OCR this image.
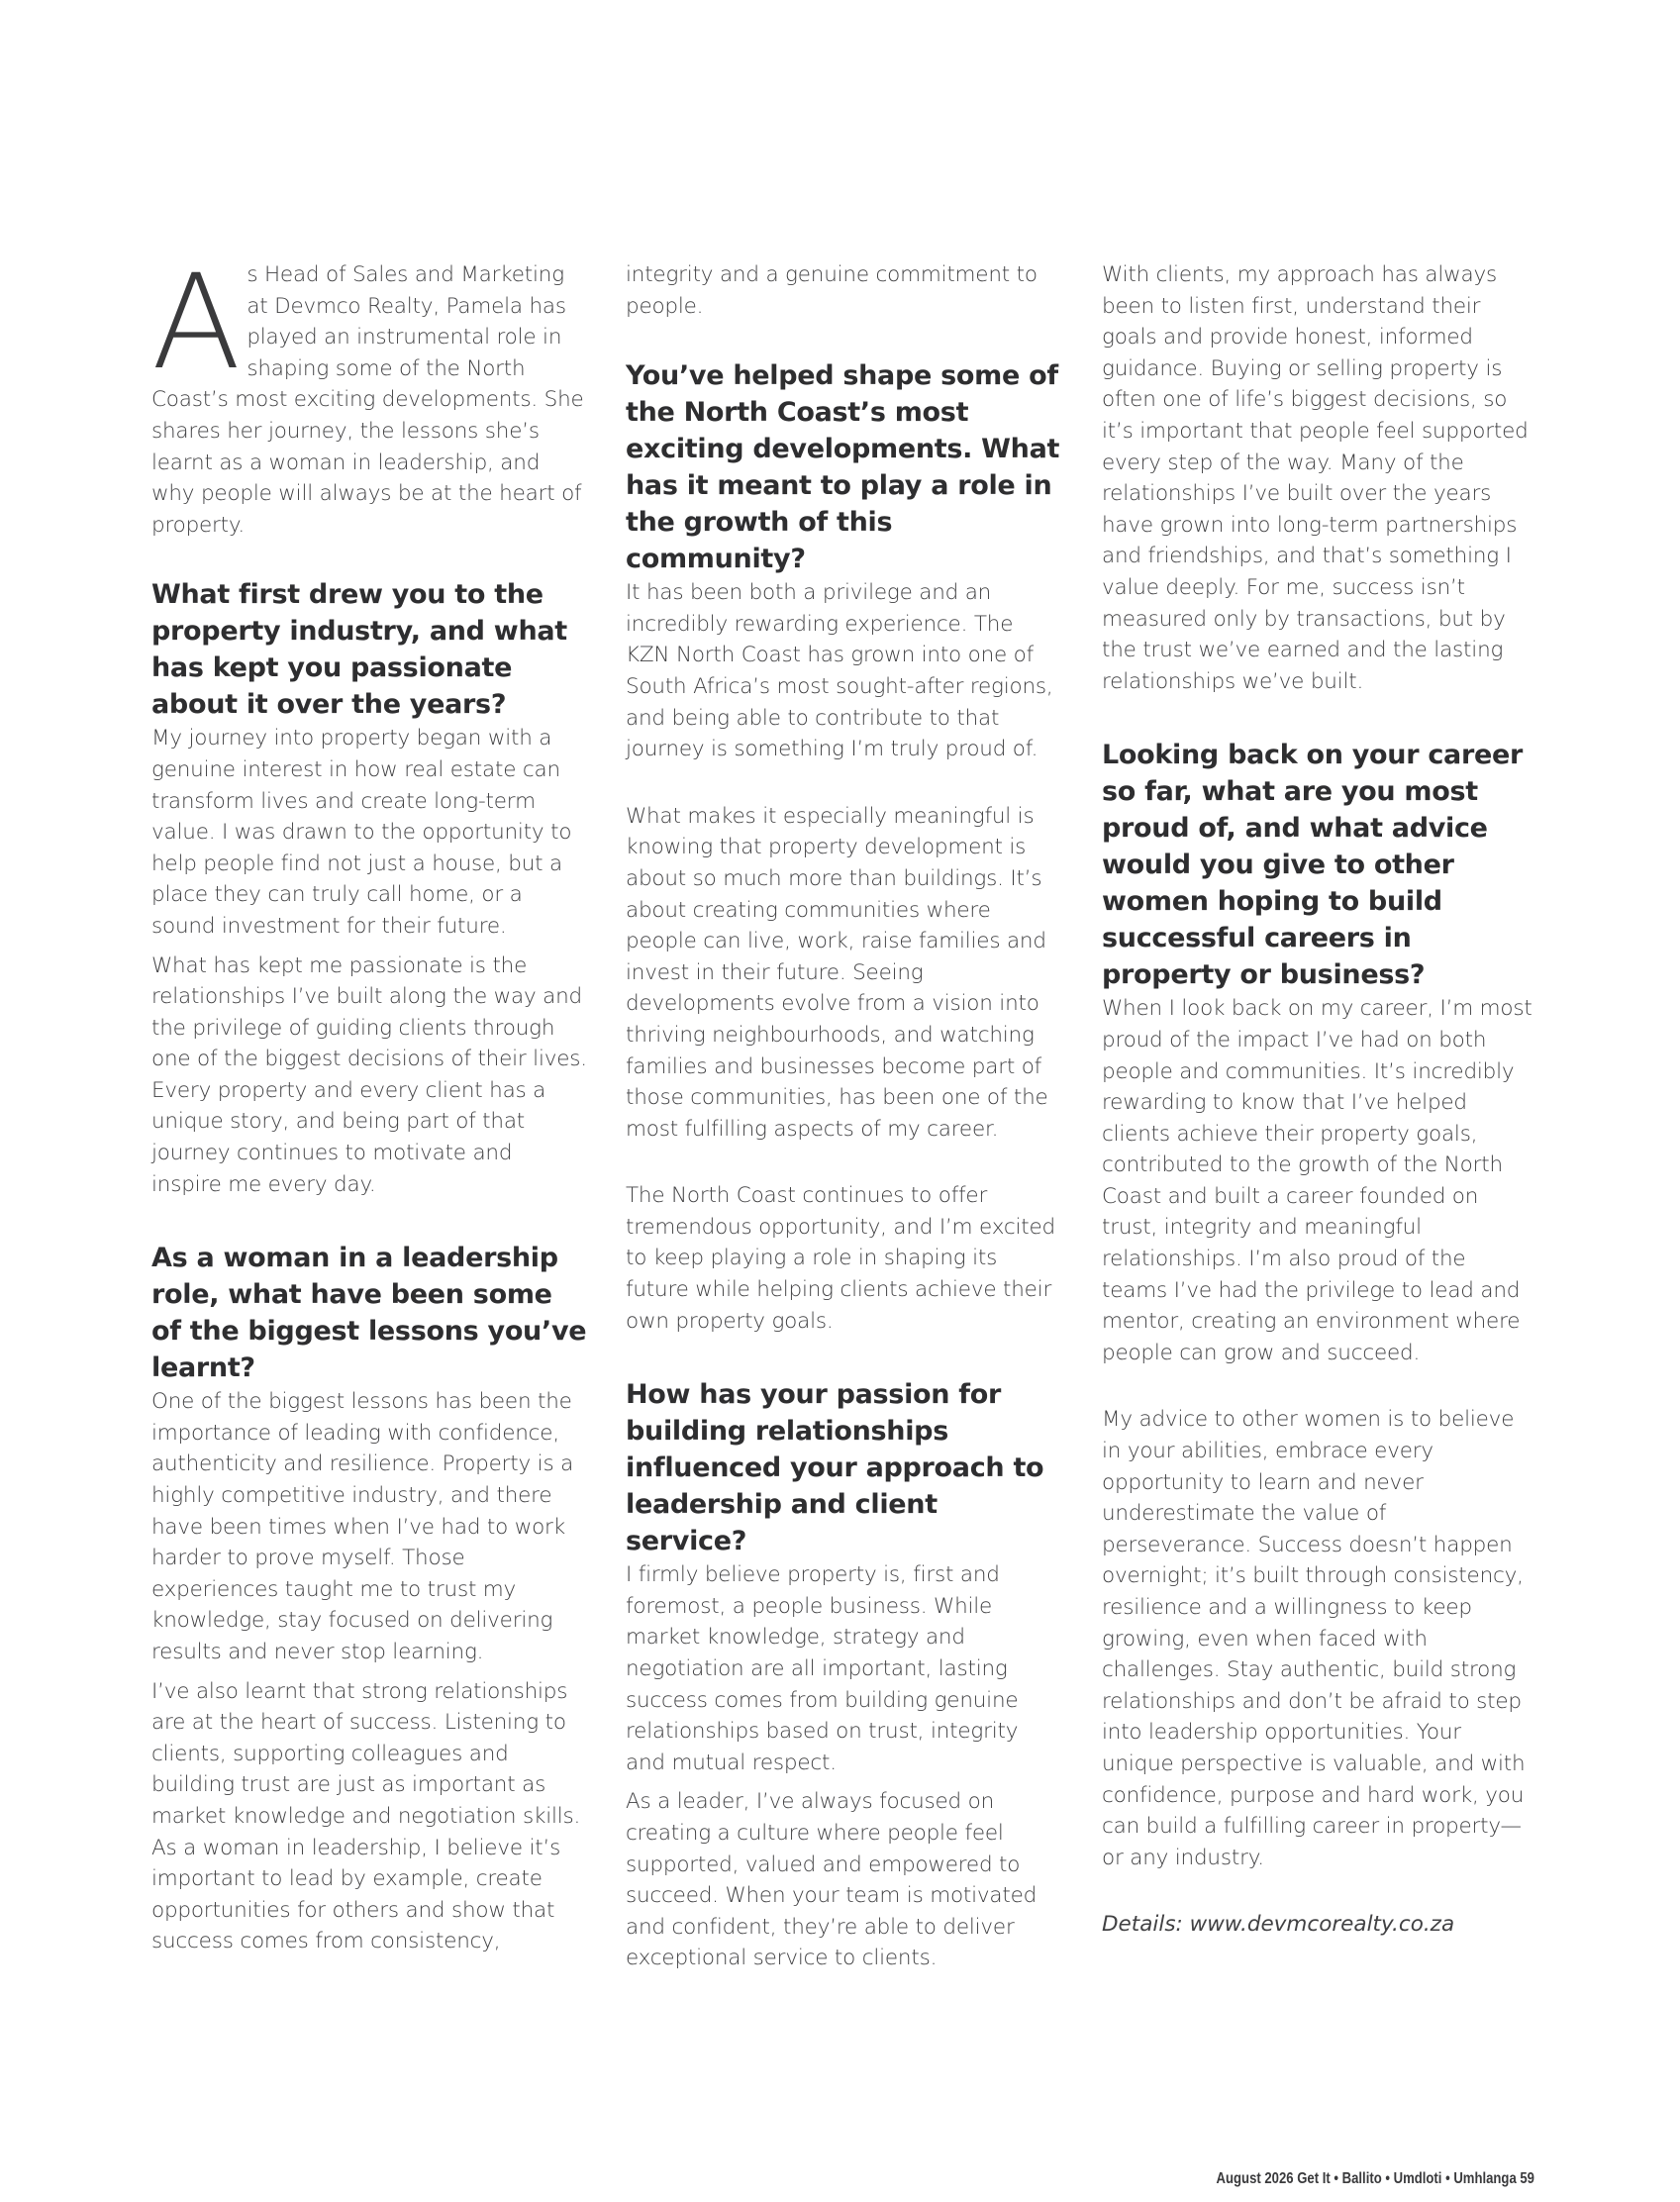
A s Head of Sales and Marketing at Devmco Realty, Pamela has played an instrumental role in shaping some of the North Coast’s most exciting developments. She shares her journey, the lessons she’s learnt as a woman in leadership, and why people will always be at the heart of property.

What first drew you to the property industry, and what has kept you passionate about it over the years?

My journey into property began with a genuine interest in how real estate can transform lives and create long-term value. I was drawn to the opportunity to help people find not just a house, but a place they can truly call home, or a sound investment for their future.

What has kept me passionate is the relationships I’ve built along the way and the privilege of guiding clients through one of the biggest decisions of their lives. Every property and every client has a unique story, and being part of that journey continues to motivate and inspire me every day.

As a woman in a leadership role, what have been some of the biggest lessons you’ve learnt?

One of the biggest lessons has been the importance of leading with confidence, authenticity and resilience. Property is a highly competitive industry, and there have been times when I’ve had to work harder to prove myself. Those experiences taught me to trust my knowledge, stay focused on delivering results and never stop learning.

I’ve also learnt that strong relationships are at the heart of success. Listening to clients, supporting colleagues and building trust are just as important as market knowledge and negotiation skills. As a woman in leadership, I believe it’s important to lead by example, create opportunities for others and show that success comes from consistency,

integrity and a genuine commitment to people.

You’ve helped shape some of the North Coast’s most exciting developments. What has it meant to play a role in the growth of this community?

It has been both a privilege and an incredibly rewarding experience. The KZN North Coast has grown into one of South Africa’s most sought-after regions, and being able to contribute to that journey is something I’m truly proud of.

What makes it especially meaningful is knowing that property development is about so much more than buildings. It’s about creating communities where people can live, work, raise families and invest in their future. Seeing developments evolve from a vision into thriving neighbourhoods, and watching families and businesses become part of those communities, has been one of the most fulfilling aspects of my career.

The North Coast continues to offer tremendous opportunity, and I’m excited to keep playing a role in shaping its future while helping clients achieve their own property goals.

How has your passion for building relationships influenced your approach to leadership and client service?

I firmly believe property is, first and foremost, a people business. While market knowledge, strategy and negotiation are all important, lasting success comes from building genuine relationships based on trust, integrity and mutual respect.

As a leader, I’ve always focused on creating a culture where people feel supported, valued and empowered to succeed. When your team is motivated and confident, they’re able to deliver exceptional service to clients.

With clients, my approach has always been to listen first, understand their goals and provide honest, informed guidance. Buying or selling property is often one of life’s biggest decisions, so it’s important that people feel supported every step of the way. Many of the relationships I’ve built over the years have grown into long-term partnerships and friendships, and that’s something I value deeply. For me, success isn’t measured only by transactions, but by the trust we’ve earned and the lasting relationships we’ve built.

Looking back on your career so far, what are you most proud of, and what advice would you give to other women hoping to build successful careers in property or business?

When I look back on my career, I’m most proud of the impact I’ve had on both people and communities. It’s incredibly rewarding to know that I’ve helped clients achieve their property goals, contributed to the growth of the North Coast and built a career founded on trust, integrity and meaningful relationships. I’m also proud of the teams I’ve had the privilege to lead and mentor, creating an environment where people can grow and succeed.

My advice to other women is to believe in your abilities, embrace every opportunity to learn and never underestimate the value of perseverance. Success doesn’t happen overnight; it’s built through consistency, resilience and a willingness to keep growing, even when faced with challenges. Stay authentic, build strong relationships and don’t be afraid to step into leadership opportunities. Your unique perspective is valuable, and with confidence, purpose and hard work, you can build a fulfilling career in property—or any industry.

Details: www.devmcorealty.co.za

August 2026 Get It • Ballito • Umdloti • Umhlanga 59
